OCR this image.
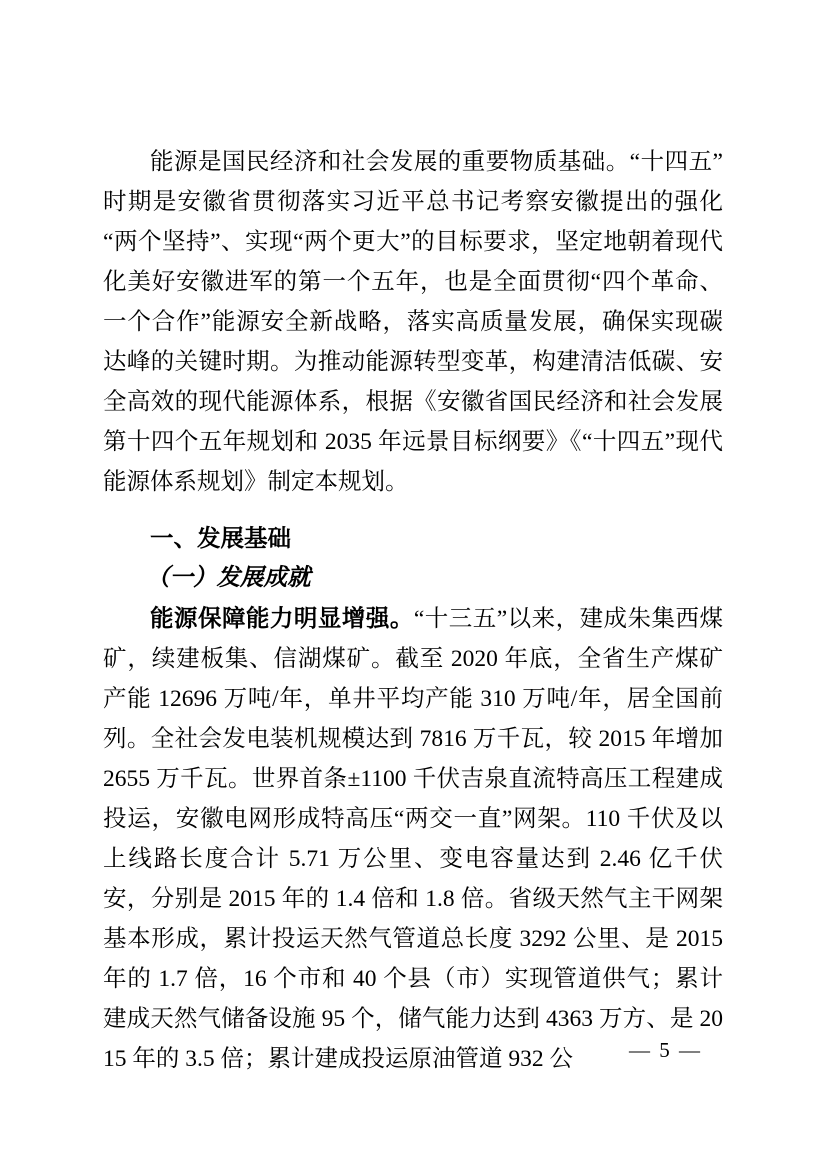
能源是国民经济和社会发展的重要物质基础。“十四五”时期是安徽省贯彻落实习近平总书记考察安徽提出的强化“两个坚持”、实现“两个更大”的目标要求，坚定地朝着现代化美好安徽进军的第一个五年，也是全面贯彻“四个革命、一个合作”能源安全新战略，落实高质量发展，确保实现碳达峰的关键时期。为推动能源转型变革，构建清洁低碳、安全高效的现代能源体系，根据《安徽省国民经济和社会发展第十四个五年规划和 2035 年远景目标纲要》《“十四五”现代能源体系规划》制定本规划。

一、发展基础
（一）发展成就

能源保障能力明显增强。“十三五”以来，建成朱集西煤矿，续建板集、信湖煤矿。截至 2020 年底，全省生产煤矿产能 12696 万吨/年，单井平均产能 310 万吨/年，居全国前列。全社会发电装机规模达到 7816 万千瓦，较 2015 年增加 2655 万千瓦。世界首条±1100 千伏吉泉直流特高压工程建成投运，安徽电网形成特高压“两交一直”网架。110 千伏及以上线路长度合计 5.71 万公里、变电容量达到 2.46 亿千伏安，分别是 2015 年的 1.4 倍和 1.8 倍。省级天然气主干网架基本形成，累计投运天然气管道总长度 3292 公里、是 2015 年的 1.7 倍，16 个市和 40 个县（市）实现管道供气；累计建成天然气储备设施 95 个，储气能力达到 4363 万方、是 2015 年的 3.5 倍；累计建成投运原油管道 932 公	— 5 —
